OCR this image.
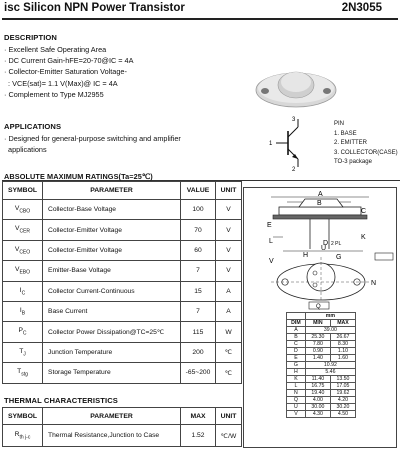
isc Silicon NPN Power Transistor	2N3055
DESCRIPTION
· Excellent Safe Operating Area
· DC Current Gain-hFE=20-70@IC = 4A
· Collector-Emitter Saturation Voltage-
: VCE(sat)= 1.1 V(Max)@ IC = 4A
· Complement to Type MJ2955
APPLICATIONS
· Designed for general-purpose switching and amplifier
applications
3
1
2
PIN
1. BASE
2. EMITTER
3. COLLECTOR(CASE)
TO-3 package
ABSOLUTE MAXIMUM RATINGS(Ta=25℃)
SYMBOL	PARAMETER	VALUE	UNIT
$V_{CBO}$	Collector-Base Voltage	100	V
$V_{CER}$	Collector-Emitter Voltage	70	V
$V_{CEO}$	Collector-Emitter Voltage	60	V
$V_{EBO}$	Emitter-Base Voltage	7	V
$I_C$	Collector Current-Continuous	15	A
$I_B$	Base Current	7	A
$P_C$	Collector Power Dissipation@TC=25℃	115	W
$T_J$	Junction Temperature	200	℃
$T_{stg}$	Storage Temperature	-65~200	℃
THERMAL CHARACTERISTICS
SYMBOL	PARAMETER	MAX	UNIT
$R_{th j-c}$	Thermal Resistance,Junction to Case	1.52	℃/W
A
B
C
E
L
K
D 2 PL
U
V
H	G
N
Q
	mm	
DIM	MIN	MAX
A	39.00	
B	25.30	26.67
C	7.80	8.30
D	0.90	1.10
E	1.40	1.60
G	10.92	
H	5.46	
K	11.40	13.50
L	16.75	17.05
N	19.40	19.62
Q	4.00	4.20
U	30.00	30.20
V	4.30	4.50
